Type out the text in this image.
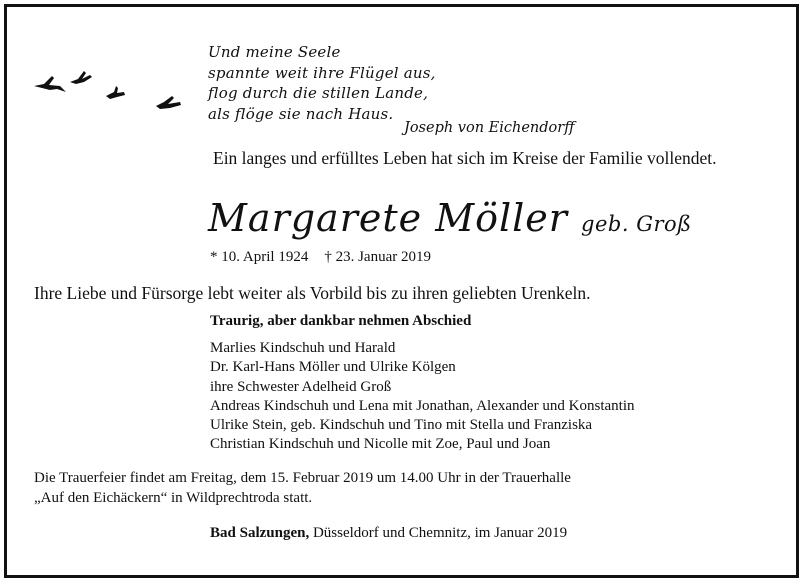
Und meine Seele
spannte weit ihre Flügel aus,
flog durch die stillen Lande,
als flöge sie nach Haus.
Joseph von Eichendorff
Ein langes und erfülltes Leben hat sich im Kreise der Familie vollendet.
Margarete Möller geb. Groß
* 10. April 1924 † 23. Januar 2019
Ihre Liebe und Fürsorge lebt weiter als Vorbild bis zu ihren geliebten Urenkeln.
Traurig, aber dankbar nehmen Abschied
Marlies Kindschuh und Harald
Dr. Karl-Hans Möller und Ulrike Kölgen
ihre Schwester Adelheid Groß
Andreas Kindschuh und Lena mit Jonathan, Alexander und Konstantin
Ulrike Stein, geb. Kindschuh und Tino mit Stella und Franziska
Christian Kindschuh und Nicolle mit Zoe, Paul und Joan
Die Trauerfeier findet am Freitag, dem 15. Februar 2019 um 14.00 Uhr in der Trauerhalle
„Auf den Eichäckern“ in Wildprechtroda statt.
Bad Salzungen, Düsseldorf und Chemnitz, im Januar 2019
